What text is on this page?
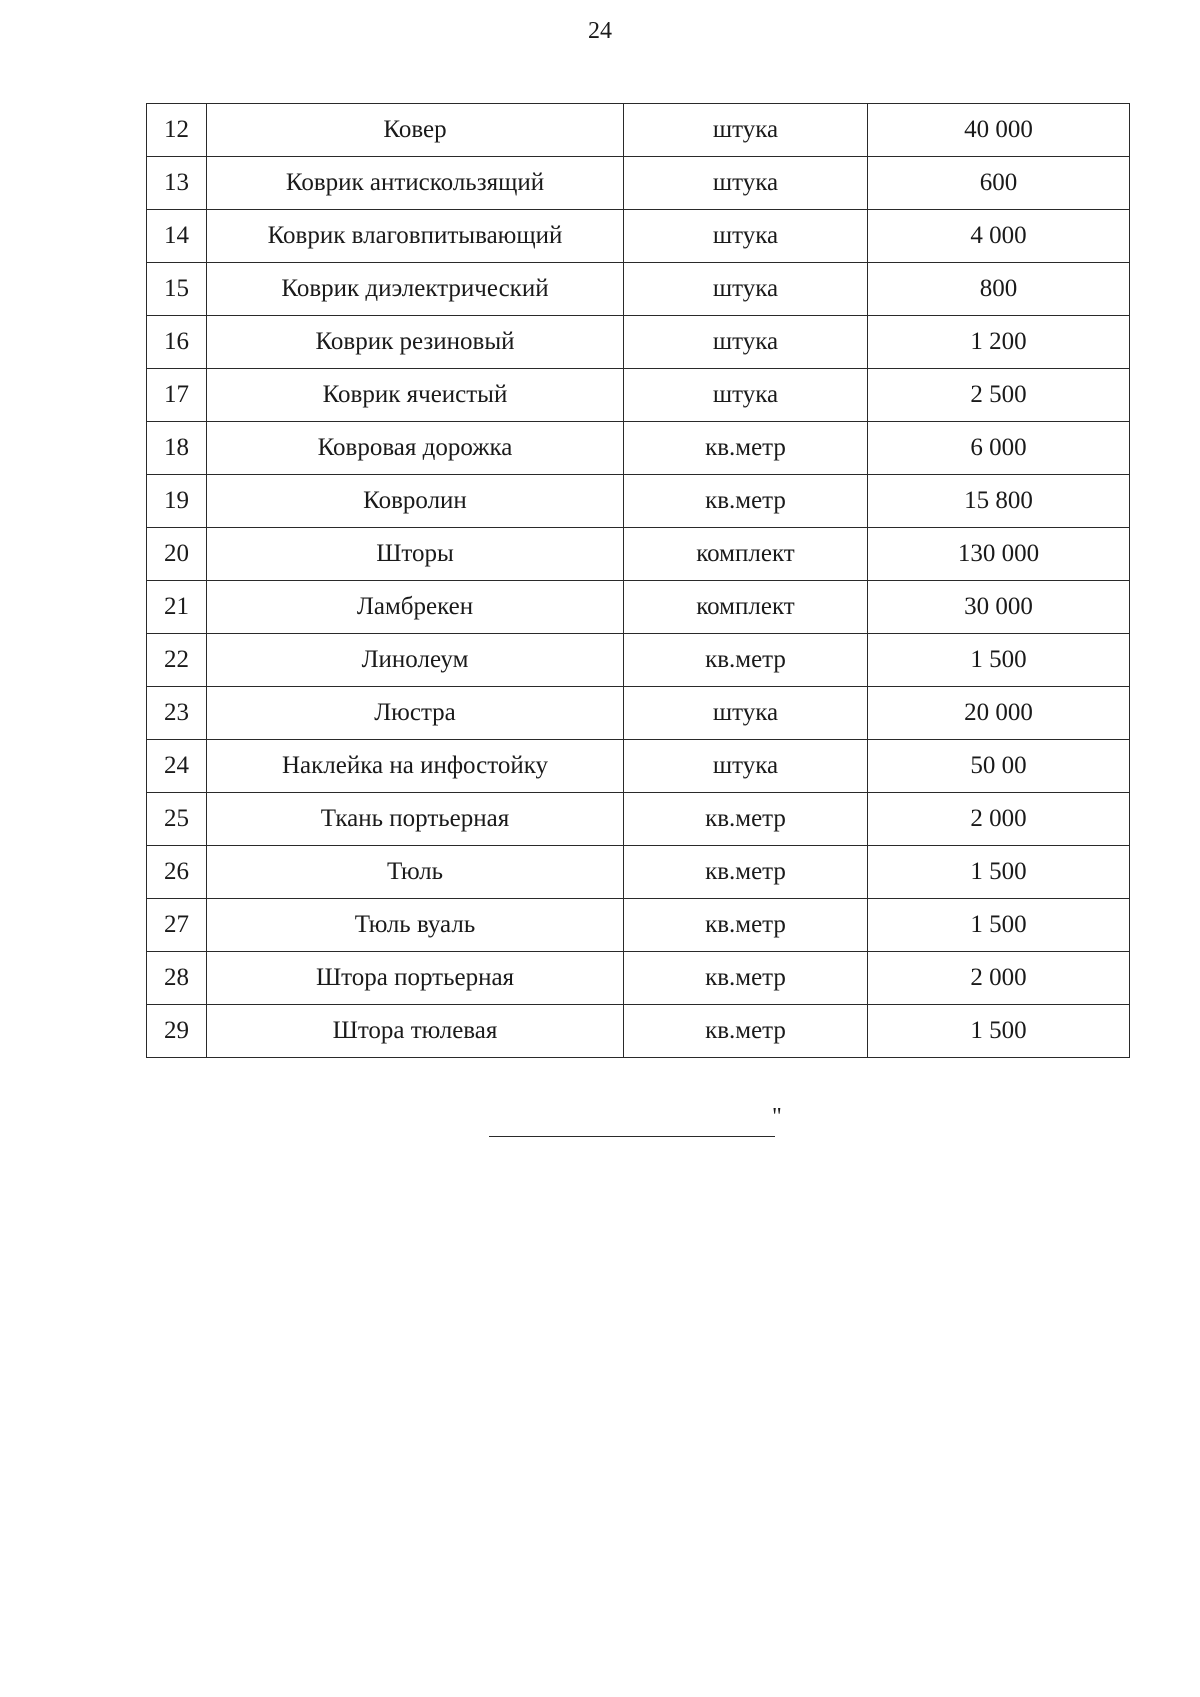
24
12	Ковер	штука	40 000
13	Коврик антискользящий	штука	600
14	Коврик влаговпитывающий	штука	4 000
15	Коврик диэлектрический	штука	800
16	Коврик резиновый	штука	1 200
17	Коврик ячеистый	штука	2 500
18	Ковровая дорожка	кв.метр	6 000
19	Ковролин	кв.метр	15 800
20	Шторы	комплект	130 000
21	Ламбрекен	комплект	30 000
22	Линолеум	кв.метр	1 500
23	Люстра	штука	20 000
24	Наклейка на инфостойку	штука	50 00
25	Ткань портьерная	кв.метр	2 000
26	Тюль	кв.метр	1 500
27	Тюль вуаль	кв.метр	1 500
28	Штора портьерная	кв.метр	2 000
29	Штора тюлевая	кв.метр	1 500
"
